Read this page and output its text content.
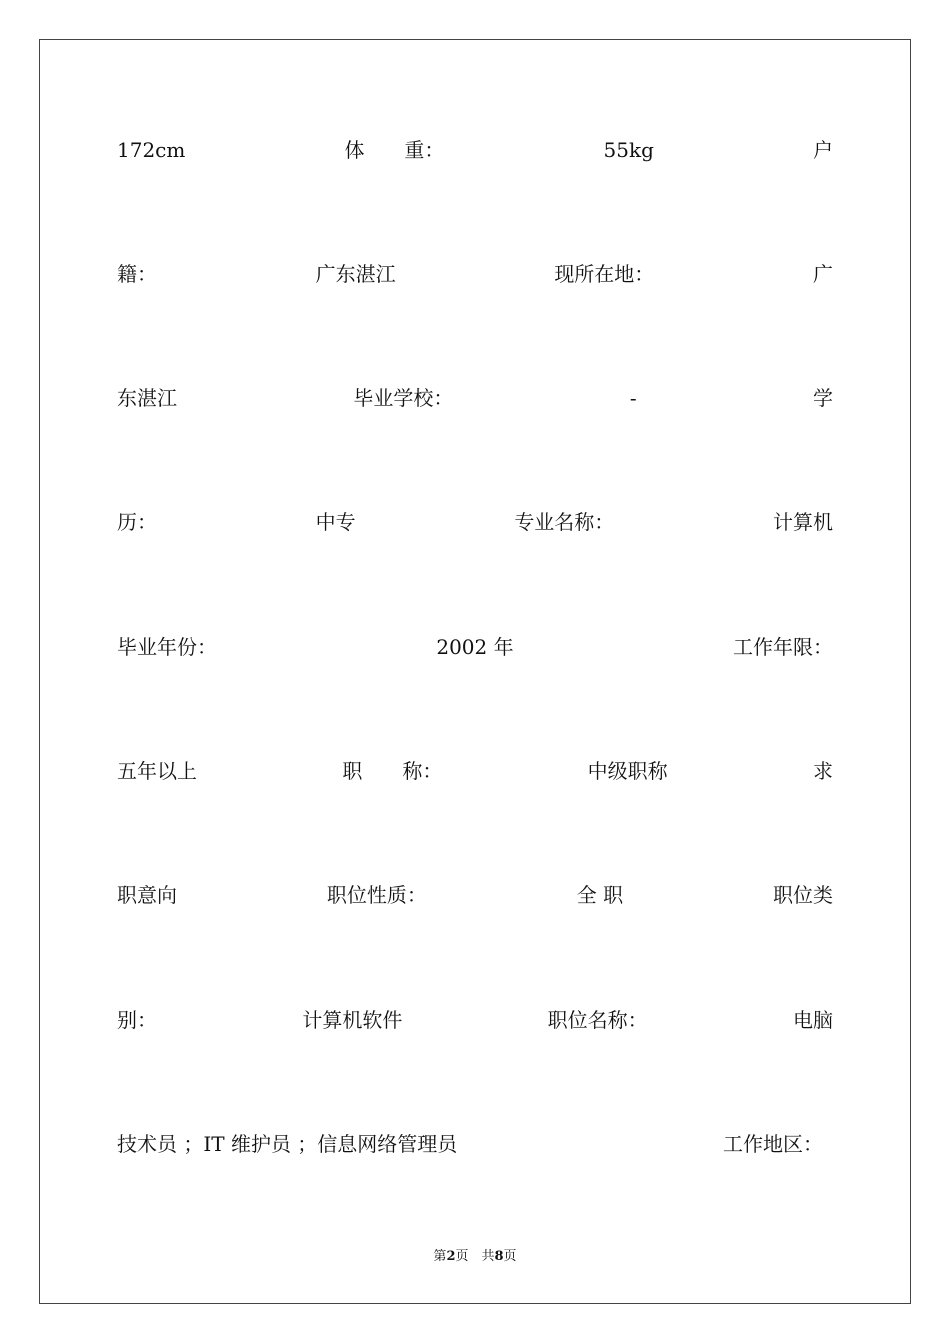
172cm	体　　重：	55kg	户
籍：	广东湛江	现所在地：	广
东湛江	毕业学校：	-	学
历：	中专	专业名称：	计算机
毕业年份：	2002 年	工作年限：
五年以上	职　　称：	中级职称	求
职意向	职位性质：	全 职	职位类
别：	计算机软件	职位名称：	电脑
技术员 ；IT 维护员 ；信息网络管理员	工作地区：
第2页　共8页
